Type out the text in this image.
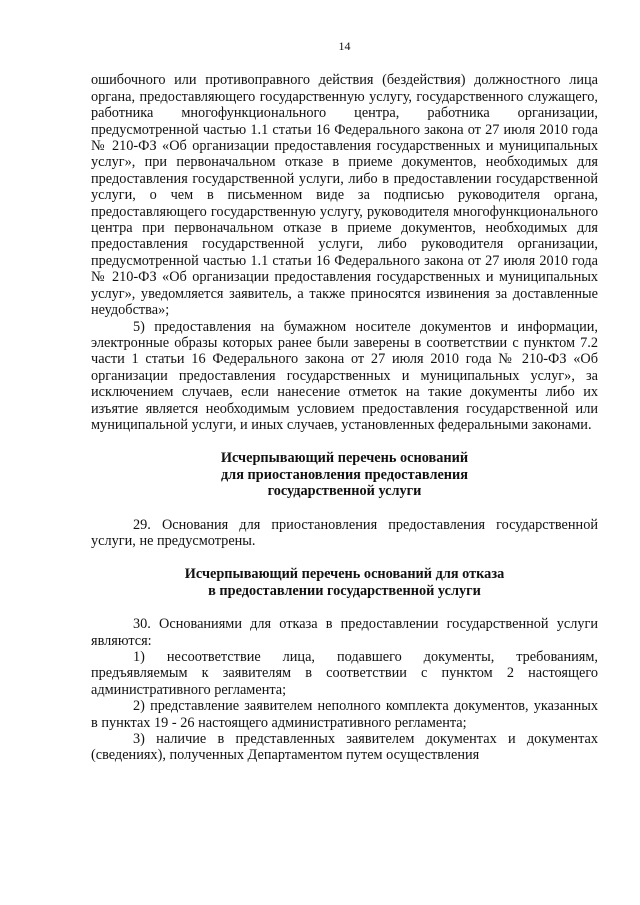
14

ошибочного или противоправного действия (бездействия) должностного лица органа, предоставляющего государственную услугу, государственного служащего, работника многофункционального центра, работника организации, предусмотренной частью 1.1 статьи 16 Федерального закона от 27 июля 2010 года № 210-ФЗ «Об организации предоставления государственных и муниципальных услуг», при первоначальном отказе в приеме документов, необходимых для предоставления государственной услуги, либо в предоставлении государственной услуги, о чем в письменном виде за подписью руководителя органа, предоставляющего государственную услугу, руководителя многофункционального центра при первоначальном отказе в приеме документов, необходимых для предоставления государственной услуги, либо руководителя организации, предусмотренной частью 1.1 статьи 16 Федерального закона от 27 июля 2010 года № 210-ФЗ «Об организации предоставления государственных и муниципальных услуг», уведомляется заявитель, а также приносятся извинения за доставленные неудобства»;

5) предоставления на бумажном носителе документов и информации, электронные образы которых ранее были заверены в соответствии с пунктом 7.2 части 1 статьи 16 Федерального закона от 27 июля 2010 года № 210-ФЗ «Об организации предоставления государственных и муниципальных услуг», за исключением случаев, если нанесение отметок на такие документы либо их изъятие является необходимым условием предоставления государственной или муниципальной услуги, и иных случаев, установленных федеральными законами.

Исчерпывающий перечень оснований

для приостановления предоставления

государственной услуги

29. Основания для приостановления предоставления государственной услуги, не предусмотрены.

Исчерпывающий перечень оснований для отказа

в предоставлении государственной услуги

30. Основаниями для отказа в предоставлении государственной услуги являются:

1) несоответствие лица, подавшего документы, требованиям, предъявляемым к заявителям в соответствии с пунктом 2 настоящего административного регламента;

2) представление заявителем неполного комплекта документов, указанных в пунктах 19 - 26 настоящего административного регламента;

3) наличие в представленных заявителем документах и документах (сведениях), полученных Департаментом путем осуществления
